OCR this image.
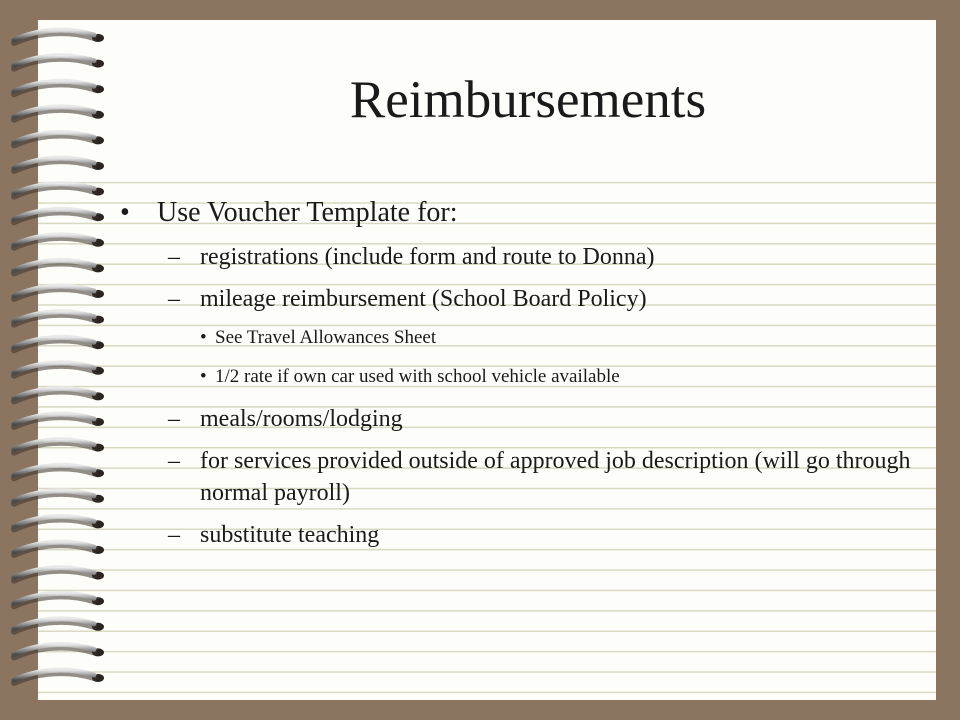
Reimbursements
• Use Voucher Template for:
– registrations (include form and route to Donna)
– mileage reimbursement (School Board Policy)
• See Travel Allowances Sheet
• 1/2 rate if own car used with school vehicle available
– meals/rooms/lodging
– for services provided outside of approved job description (will go through normal payroll)
– substitute teaching
